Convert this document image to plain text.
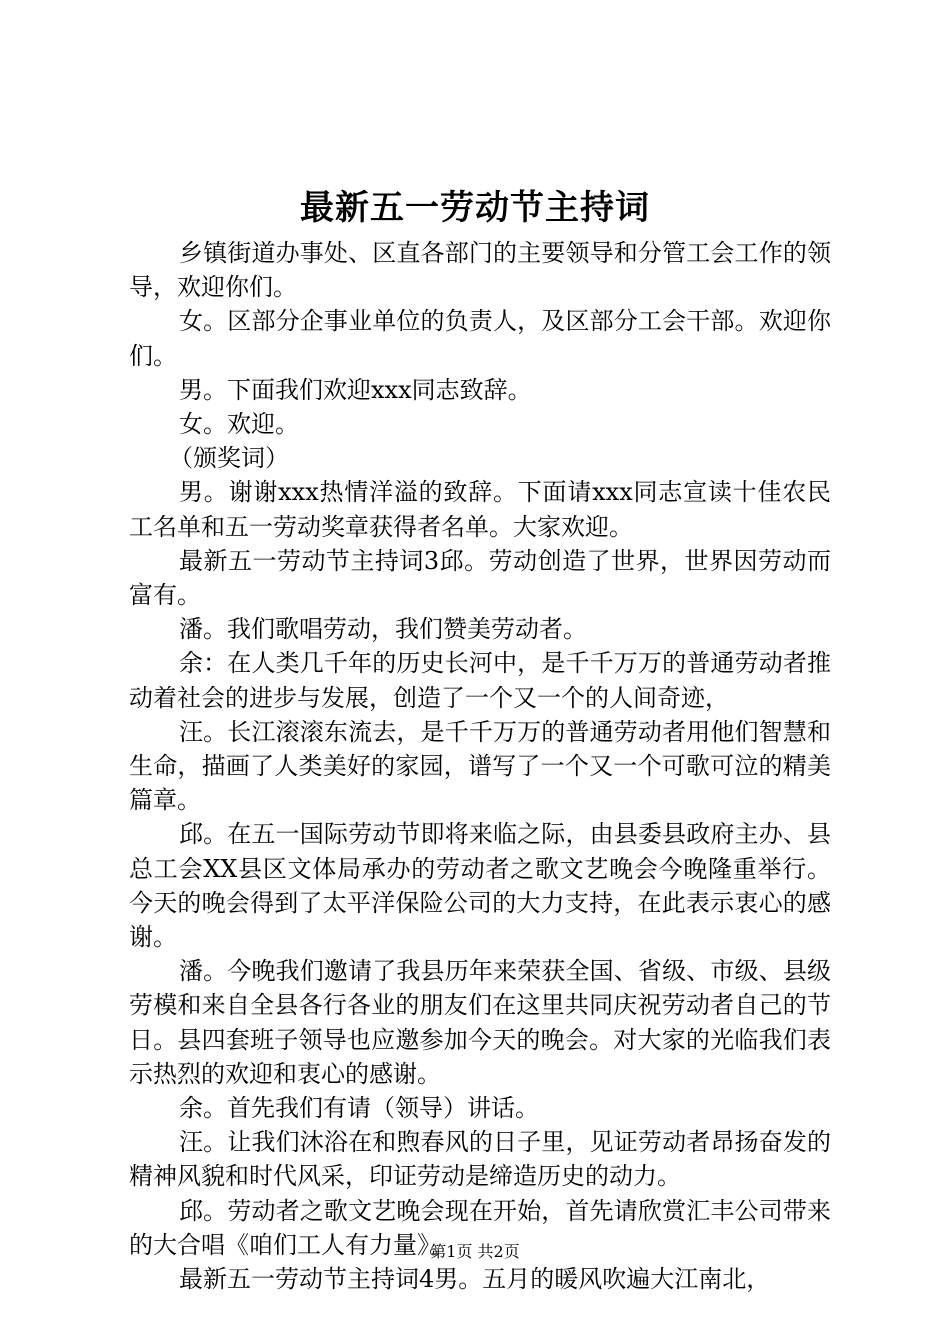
最新五一劳动节主持词

乡镇街道办事处、区直各部门的主要领导和分管工会工作的领导，欢迎你们。

女。区部分企事业单位的负责人，及区部分工会干部。欢迎你们。

男。下面我们欢迎xxx同志致辞。

女。欢迎。

（颁奖词）

男。谢谢xxx热情洋溢的致辞。下面请xxx同志宣读十佳农民工名单和五一劳动奖章获得者名单。大家欢迎。

最新五一劳动节主持词3邱。劳动创造了世界，世界因劳动而富有。

潘。我们歌唱劳动，我们赞美劳动者。

余：在人类几千年的历史长河中，是千千万万的普通劳动者推动着社会的进步与发展，创造了一个又一个的人间奇迹，

汪。长江滚滚东流去，是千千万万的普通劳动者用他们智慧和生命，描画了人类美好的家园，谱写了一个又一个可歌可泣的精美篇章。

邱。在五一国际劳动节即将来临之际，由县委县政府主办、县总工会XX县区文体局承办的劳动者之歌文艺晚会今晚隆重举行。今天的晚会得到了太平洋保险公司的大力支持，在此表示衷心的感谢。

潘。今晚我们邀请了我县历年来荣获全国、省级、市级、县级劳模和来自全县各行各业的朋友们在这里共同庆祝劳动者自己的节日。县四套班子领导也应邀参加今天的晚会。对大家的光临我们表示热烈的欢迎和衷心的感谢。

余。首先我们有请（领导）讲话。

汪。让我们沐浴在和煦春风的日子里，见证劳动者昂扬奋发的精神风貌和时代风采，印证劳动是缔造历史的动力。

邱。劳动者之歌文艺晚会现在开始，首先请欣赏汇丰公司带来的大合唱《咱们工人有力量》。

最新五一劳动节主持词4男。五月的暖风吹遍大江南北，

第1页 共2页
